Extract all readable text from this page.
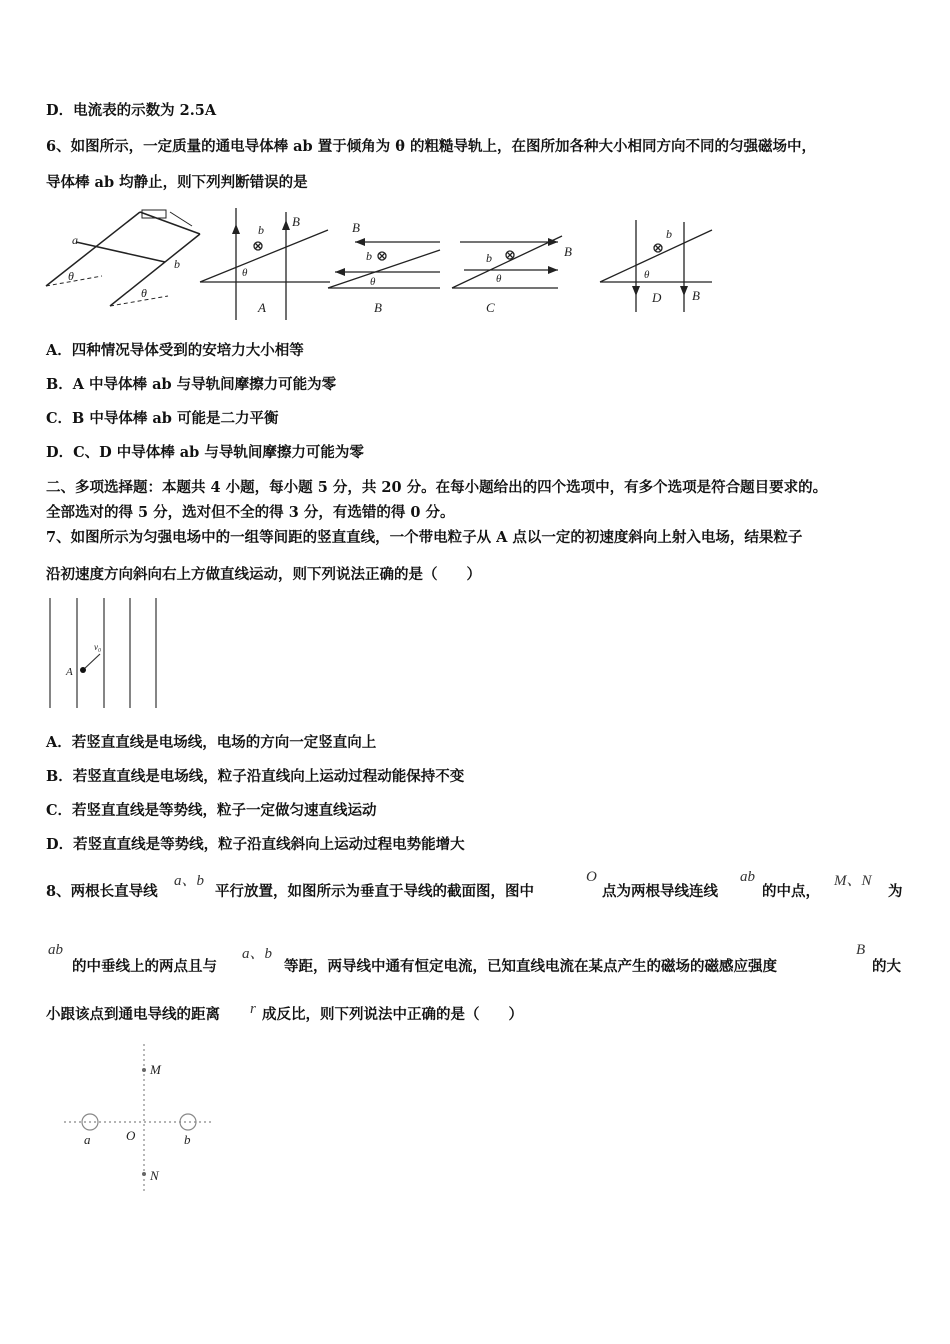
D．电流表的示数为 2.5A
6、如图所示，一定质量的通电导体棒 ab 置于倾角为 θ 的粗糙导轨上，在图所加各种大小相同方向不同的匀强磁场中，
导体棒 ab 均静止，则下列判断错误的是
a
b
θ
θ
b
B
θ
A
B
b
θ
B
B
b
θ
C
b
θ
D B
A．四种情况导体受到的安培力大小相等
B．A 中导体棒 ab 与导轨间摩擦力可能为零
C．B 中导体棒 ab 可能是二力平衡
D．C、D 中导体棒 ab 与导轨间摩擦力可能为零
二、多项选择题：本题共 4 小题，每小题 5 分，共 20 分。在每小题给出的四个选项中，有多个选项是符合题目要求的。
全部选对的得 5 分，选对但不全的得 3 分，有选错的得 0 分。
7、如图所示为匀强电场中的一组等间距的竖直直线，一个带电粒子从 A 点以一定的初速度斜向上射入电场，结果粒子
沿初速度方向斜向右上方做直线运动，则下列说法正确的是（　　）
A
v₀
A．若竖直直线是电场线，电场的方向一定竖直向上
B．若竖直直线是电场线，粒子沿直线向上运动过程动能保持不变
C．若竖直直线是等势线，粒子一定做匀速直线运动
D．若竖直直线是等势线，粒子沿直线斜向上运动过程电势能增大
8、两根长直导线
a、b
平行放置，如图所示为垂直于导线的截面图，图中
O
点为两根导线连线
ab
的中点，
M、N
为
ab
的中垂线上的两点且与
a、b
等距，两导线中通有恒定电流，已知直线电流在某点产生的磁场的磁感应强度
B
的大
小跟该点到通电导线的距离 r 成反比，则下列说法中正确的是（　　）
M
N
O
a	b
